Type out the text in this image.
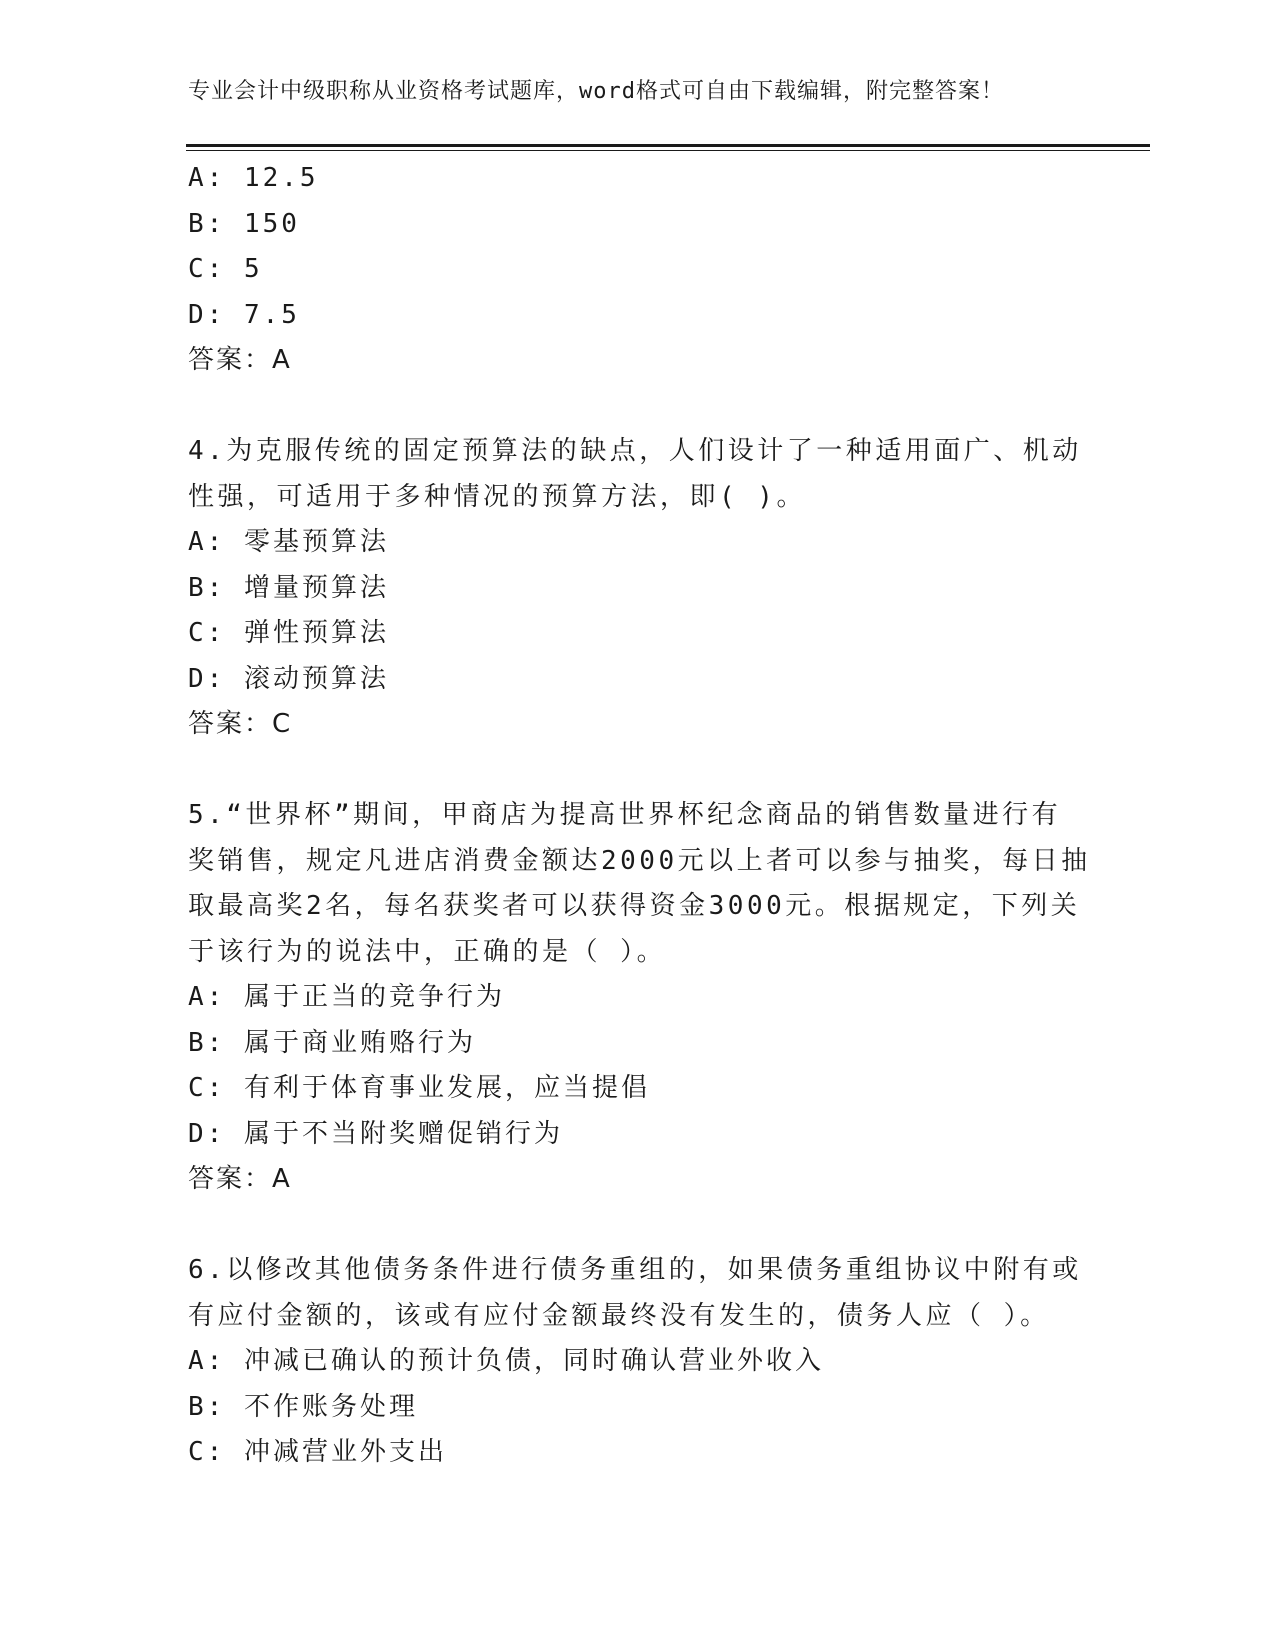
专业会计中级职称从业资格考试题库，word格式可自由下载编辑，附完整答案！
A: 12.5
B: 150
C: 5
D: 7.5
答案：A
4.为克服传统的固定预算法的缺点，人们设计了一种适用面广、机动
性强，可适用于多种情况的预算方法，即( )。
A: 零基预算法
B: 增量预算法
C: 弹性预算法
D: 滚动预算法
答案：C
5.“世界杯”期间，甲商店为提高世界杯纪念商品的销售数量进行有
奖销售，规定凡进店消费金额达2000元以上者可以参与抽奖，每日抽
取最高奖2名，每名获奖者可以获得资金3000元。根据规定，下列关
于该行为的说法中，正确的是（ ）。
A: 属于正当的竞争行为
B: 属于商业贿赂行为
C: 有利于体育事业发展，应当提倡
D: 属于不当附奖赠促销行为
答案：A
6.以修改其他债务条件进行债务重组的，如果债务重组协议中附有或
有应付金额的，该或有应付金额最终没有发生的，债务人应（ ）。
A: 冲减已确认的预计负债，同时确认营业外收入
B: 不作账务处理
C: 冲减营业外支出
